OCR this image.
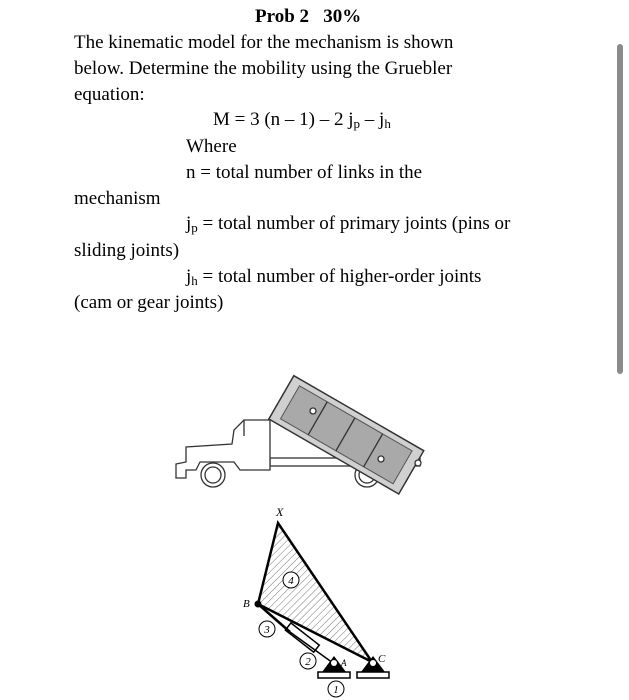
Prob 2 30%
The kinematic model for the mechanism is shown
below. Determine the mobility using the Gruebler
equation:
M = 3 (n – 1) – 2 $j_p - j_h$
Where
n = total number of links in the
mechanism
$j_p$ = total number of primary joints (pins or
sliding joints)
$j_h$ = total number of higher-order joints
(cam or gear joints)
X
B
C
A
4
3
2
1
